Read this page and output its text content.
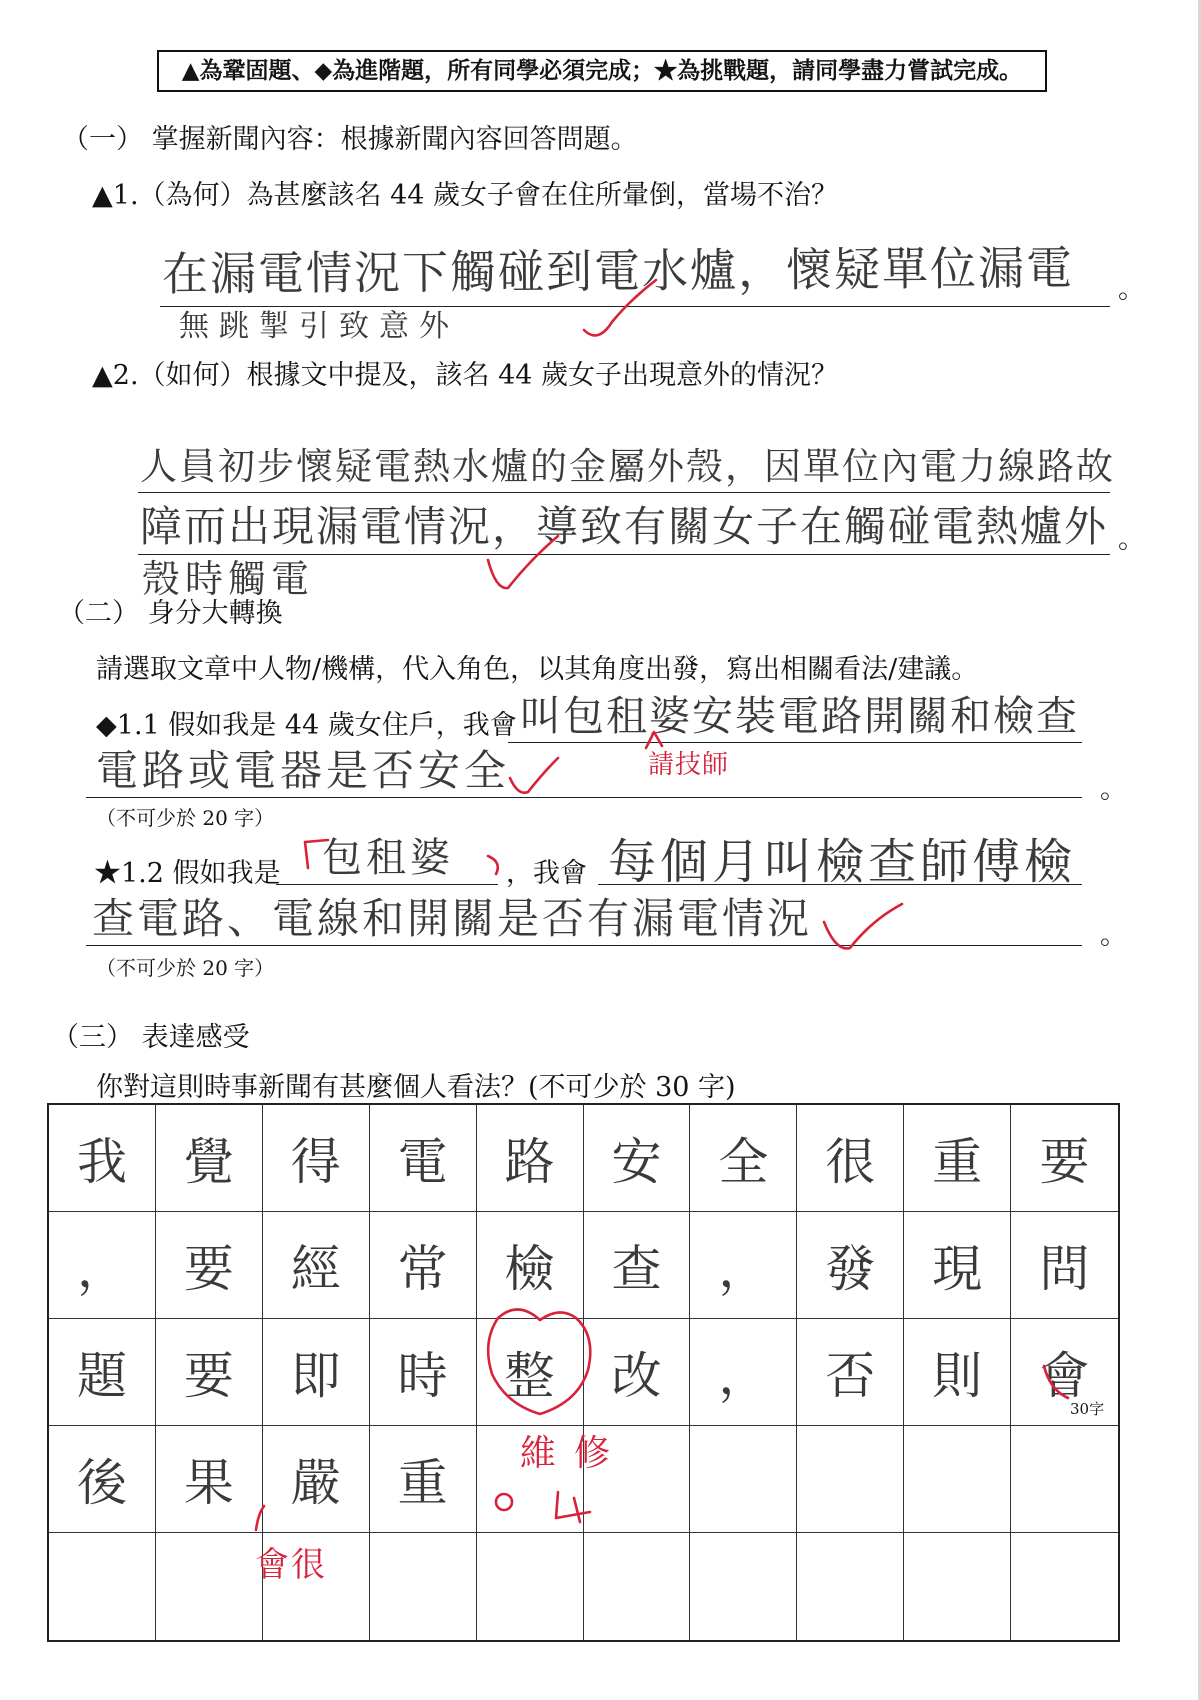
▲為鞏固題、◆為進階題，所有同學必須完成；★為挑戰題，請同學盡力嘗試完成。
（一） 掌握新聞內容：根據新聞內容回答問題。
▲1.（為何）為甚麼該名 44 歲女子會在住所暈倒，當場不治？
在漏電情況下觸碰到電水爐，懷疑單位漏電 。
無跳掣引致意外
▲2.（如何）根據文中提及，該名 44 歲女子出現意外的情況？
人員初步懷疑電熱水爐的金屬外殼，因單位內電力線路故
障而出現漏電情況，導致有關女子在觸碰電熱爐外 。
殼時觸電
（二） 身分大轉換
請選取文章中人物/機構，代入角色，以其角度出發，寫出相關看法/建議。
◆1.1 假如我是 44 歲女住戶，我會 叫包租婆安裝電路開關和檢查
電路或電器是否安全	請技師
。
（不可少於 20 字）
★1.2 假如我是 包租婆 ，我會 每個月叫檢查師傅檢
查電路、電線和開關是否有漏電情況	。
（不可少於 20 字）
（三） 表達感受
你對這則時事新聞有甚麼個人看法？(不可少於 30 字)
我	覺	得	電	路	安	全	很	重	要
，	要	經	常	檢	查	，	發	現	問
題	要	即	時	整	改	，	否	則	會
後	果	嚴	重
30字
維修
會很
